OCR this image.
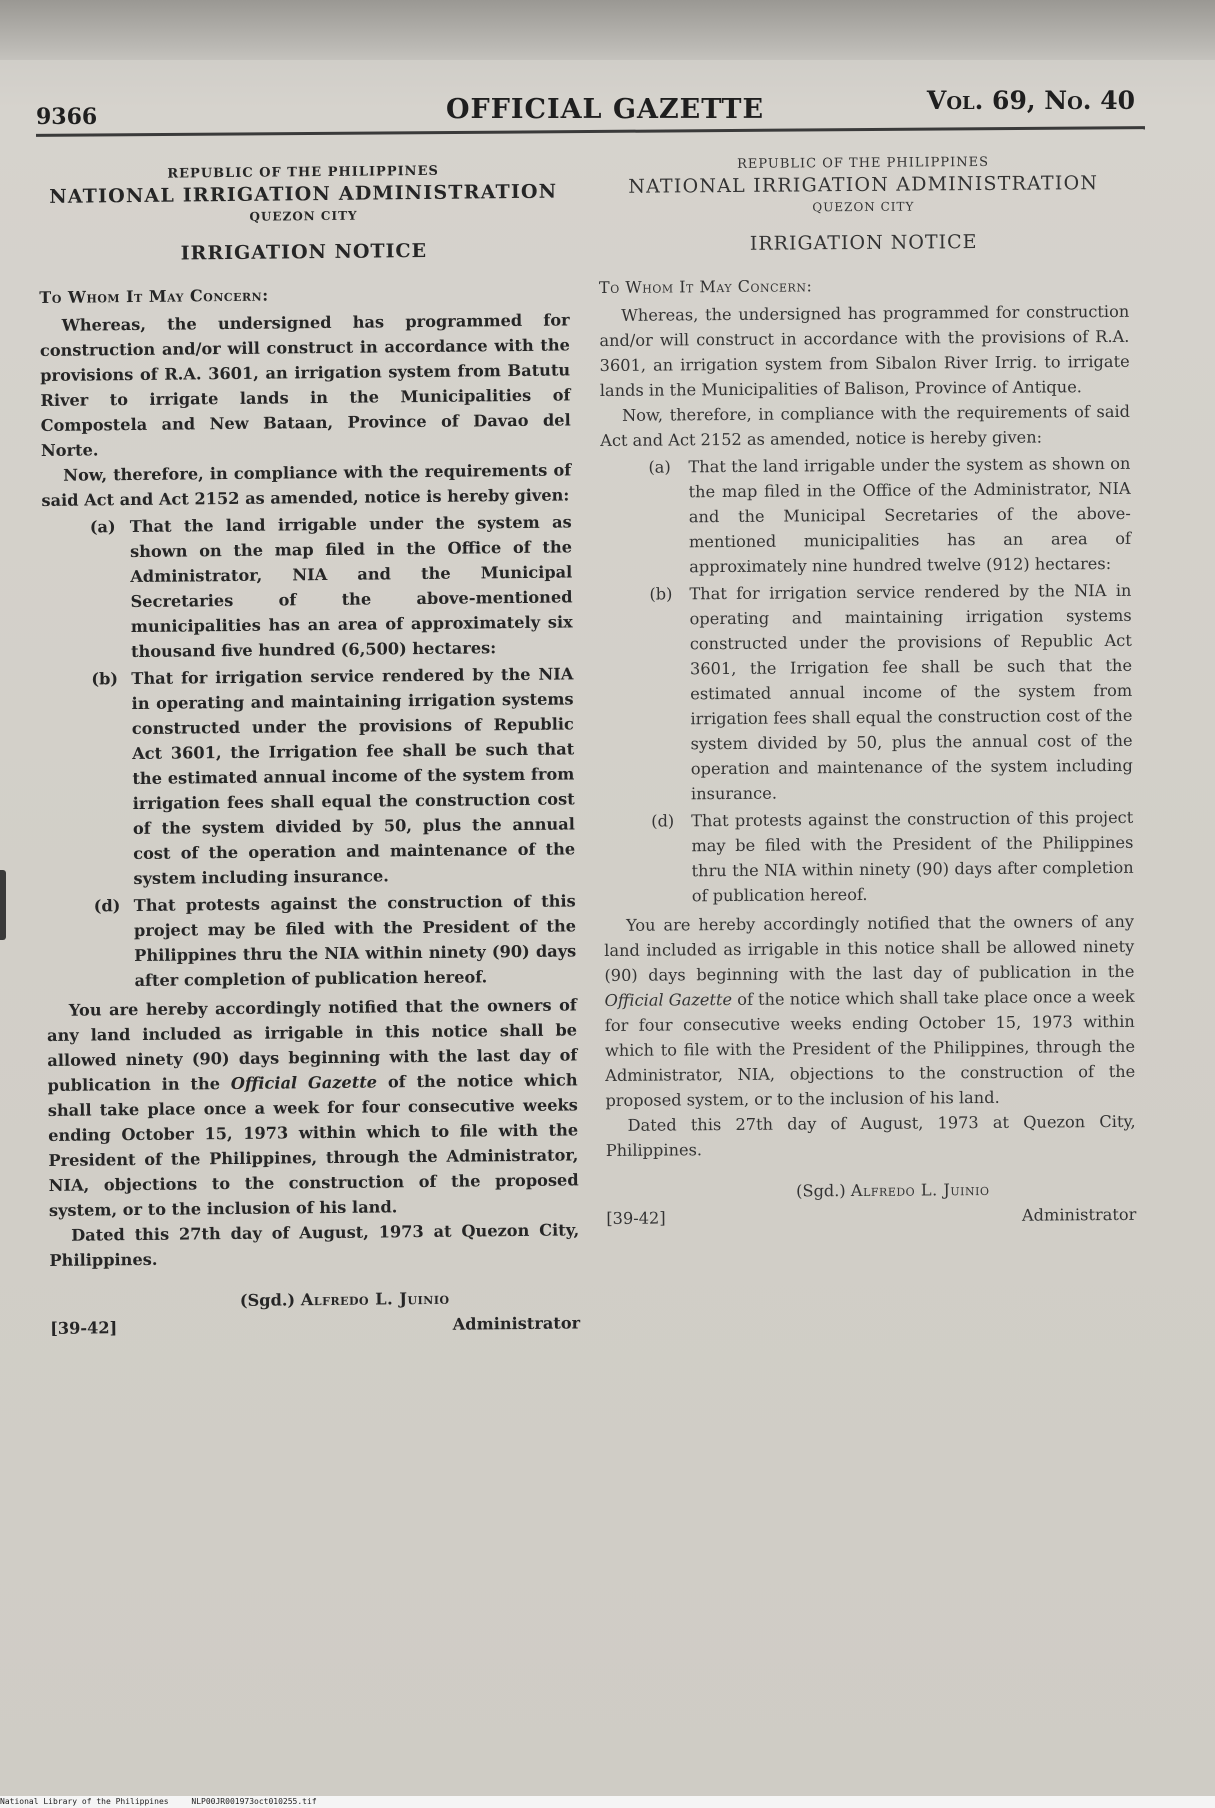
9366	OFFICIAL GAZETTE	Vol. 69, No. 40
REPUBLIC OF THE PHILIPPINES
NATIONAL IRRIGATION ADMINISTRATION
QUEZON CITY
IRRIGATION NOTICE
To Whom It May Concern:

Whereas, the undersigned has programmed for construction and/or will construct in accordance with the provisions of R.A. 3601, an irrigation system from Batutu River to irrigate lands in the Municipalities of Compostela and New Bataan, Province of Davao del Norte.

Now, therefore, in compliance with the requirements of said Act and Act 2152 as amended, notice is hereby given:

(a) That the land irrigable under the system as shown on the map filed in the Office of the Administrator, NIA and the Municipal Secretaries of the above-mentioned municipalities has an area of approximately six thousand five hundred (6,500) hectares:
(b) That for irrigation service rendered by the NIA in operating and maintaining irrigation systems constructed under the provisions of Republic Act 3601, the Irrigation fee shall be such that the estimated annual income of the system from irrigation fees shall equal the construction cost of the system divided by 50, plus the annual cost of the operation and maintenance of the system including insurance.
(d) That protests against the construction of this project may be filed with the President of the Philippines thru the NIA within ninety (90) days after completion of publication hereof.

You are hereby accordingly notified that the owners of any land included as irrigable in this notice shall be allowed ninety (90) days beginning with the last day of publication in the Official Gazette of the notice which shall take place once a week for four consecutive weeks ending October 15, 1973 within which to file with the President of the Philippines, through the Administrator, NIA, objections to the construction of the proposed system, or to the inclusion of his land.

Dated this 27th day of August, 1973 at Quezon City, Philippines.

(Sgd.) Alfredo L. Juinio
[39-42]	Administrator
REPUBLIC OF THE PHILIPPINES
NATIONAL IRRIGATION ADMINISTRATION
QUEZON CITY
IRRIGATION NOTICE
To Whom It May Concern:

Whereas, the undersigned has programmed for construction and/or will construct in accordance with the provisions of R.A. 3601, an irrigation system from Sibalon River Irrig. to irrigate lands in the Municipalities of Balison, Province of Antique.

Now, therefore, in compliance with the requirements of said Act and Act 2152 as amended, notice is hereby given:

(a)	That the land irrigable under the system as shown on the map filed in the Office of the Administrator, NIA and the Municipal Secretaries of the above-mentioned municipalities has an area of approximately nine hundred twelve (912) hectares:
(b)	That for irrigation service rendered by the NIA in operating and maintaining irrigation systems constructed under the provisions of Republic Act 3601, the Irrigation fee shall be such that the estimated annual income of the system from irrigation fees shall equal the construction cost of the system divided by 50, plus the annual cost of the operation and maintenance of the system including insurance.
(d)	That protests against the construction of this project may be filed with the President of the Philippines thru the NIA within ninety (90) days after completion of publication hereof.

You are hereby accordingly notified that the owners of any land included as irrigable in this notice shall be allowed ninety (90) days beginning with the last day of publication in the Official Gazette of the notice which shall take place once a week for four consecutive weeks ending October 15, 1973 within which to file with the President of the Philippines, through the Administrator, NIA, objections to the construction of the proposed system, or to the inclusion of his land.

Dated this 27th day of August, 1973 at Quezon City, Philippines.

(Sgd.) Alfredo L. Juinio
[39-42]	Administrator
National Library of the Philippines	NLP00JR001973oct010255.tif
